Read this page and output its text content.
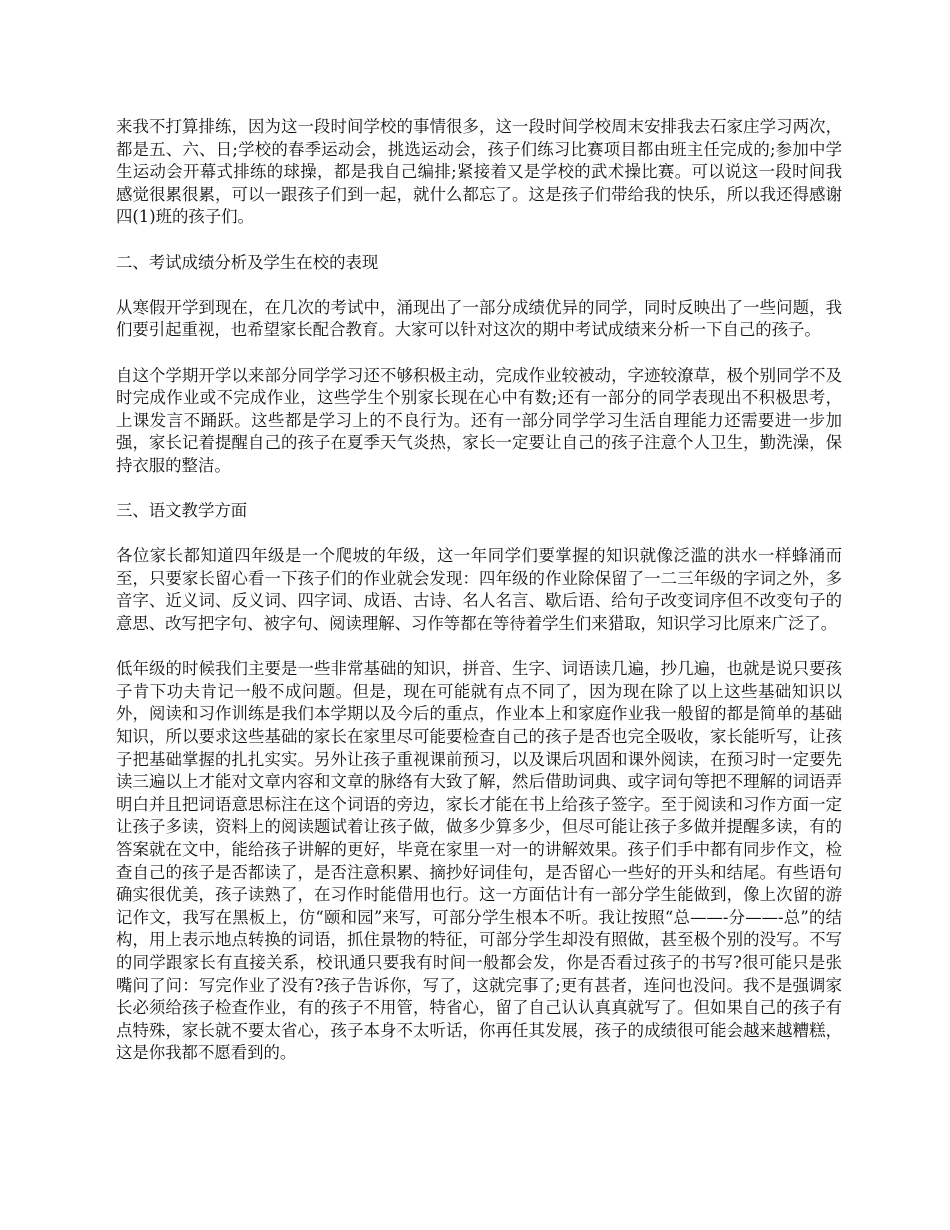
来我不打算排练，因为这一段时间学校的事情很多，这一段时间学校周末安排我去石家庄学习两次，都是五、六、日;学校的春季运动会，挑选运动会，孩子们练习比赛项目都由班主任完成的;参加中学生运动会开幕式排练的球操，都是我自己编排;紧接着又是学校的武术操比赛。可以说这一段时间我感觉很累很累，可以一跟孩子们到一起，就什么都忘了。这是孩子们带给我的快乐，所以我还得感谢四(1)班的孩子们。

二、考试成绩分析及学生在校的表现

从寒假开学到现在，在几次的考试中，涌现出了一部分成绩优异的同学，同时反映出了一些问题，我们要引起重视，也希望家长配合教育。大家可以针对这次的期中考试成绩来分析一下自己的孩子。

自这个学期开学以来部分同学学习还不够积极主动，完成作业较被动，字迹较潦草，极个别同学不及时完成作业或不完成作业，这些学生个别家长现在心中有数;还有一部分的同学表现出不积极思考，上课发言不踊跃。这些都是学习上的不良行为。还有一部分同学学习生活自理能力还需要进一步加强，家长记着提醒自己的孩子在夏季天气炎热，家长一定要让自己的孩子注意个人卫生，勤洗澡，保持衣服的整洁。

三、语文教学方面

各位家长都知道四年级是一个爬坡的年级，这一年同学们要掌握的知识就像泛滥的洪水一样蜂涌而至，只要家长留心看一下孩子们的作业就会发现：四年级的作业除保留了一二三年级的字词之外，多音字、近义词、反义词、四字词、成语、古诗、名人名言、歇后语、给句子改变词序但不改变句子的意思、改写把字句、被字句、阅读理解、习作等都在等待着学生们来猎取，知识学习比原来广泛了。

低年级的时候我们主要是一些非常基础的知识，拼音、生字、词语读几遍，抄几遍，也就是说只要孩子肯下功夫肯记一般不成问题。但是，现在可能就有点不同了，因为现在除了以上这些基础知识以外，阅读和习作训练是我们本学期以及今后的重点，作业本上和家庭作业我一般留的都是简单的基础知识，所以要求这些基础的家长在家里尽可能要检查自己的孩子是否也完全吸收，家长能听写，让孩子把基础掌握的扎扎实实。另外让孩子重视课前预习，以及课后巩固和课外阅读，在预习时一定要先读三遍以上才能对文章内容和文章的脉络有大致了解，然后借助词典、或字词句等把不理解的词语弄明白并且把词语意思标注在这个词语的旁边，家长才能在书上给孩子签字。至于阅读和习作方面一定让孩子多读，资料上的阅读题试着让孩子做，做多少算多少，但尽可能让孩子多做并提醒多读，有的答案就在文中，能给孩子讲解的更好，毕竟在家里一对一的讲解效果。孩子们手中都有同步作文，检查自己的孩子是否都读了，是否注意积累、摘抄好词佳句，是否留心一些好的开头和结尾。有些语句确实很优美，孩子读熟了，在习作时能借用也行。这一方面估计有一部分学生能做到，像上次留的游记作文，我写在黑板上，仿“颐和园”来写，可部分学生根本不听。我让按照“总——-分——-总”的结构，用上表示地点转换的词语，抓住景物的特征，可部分学生却没有照做，甚至极个别的没写。不写的同学跟家长有直接关系，校讯通只要我有时间一般都会发，你是否看过孩子的书写?很可能只是张嘴问了问：写完作业了没有?孩子告诉你，写了，这就完事了;更有甚者，连问也没问。我不是强调家长必须给孩子检查作业，有的孩子不用管，特省心，留了自己认认真真就写了。但如果自己的孩子有点特殊，家长就不要太省心，孩子本身不太听话，你再任其发展，孩子的成绩很可能会越来越糟糕，这是你我都不愿看到的。
